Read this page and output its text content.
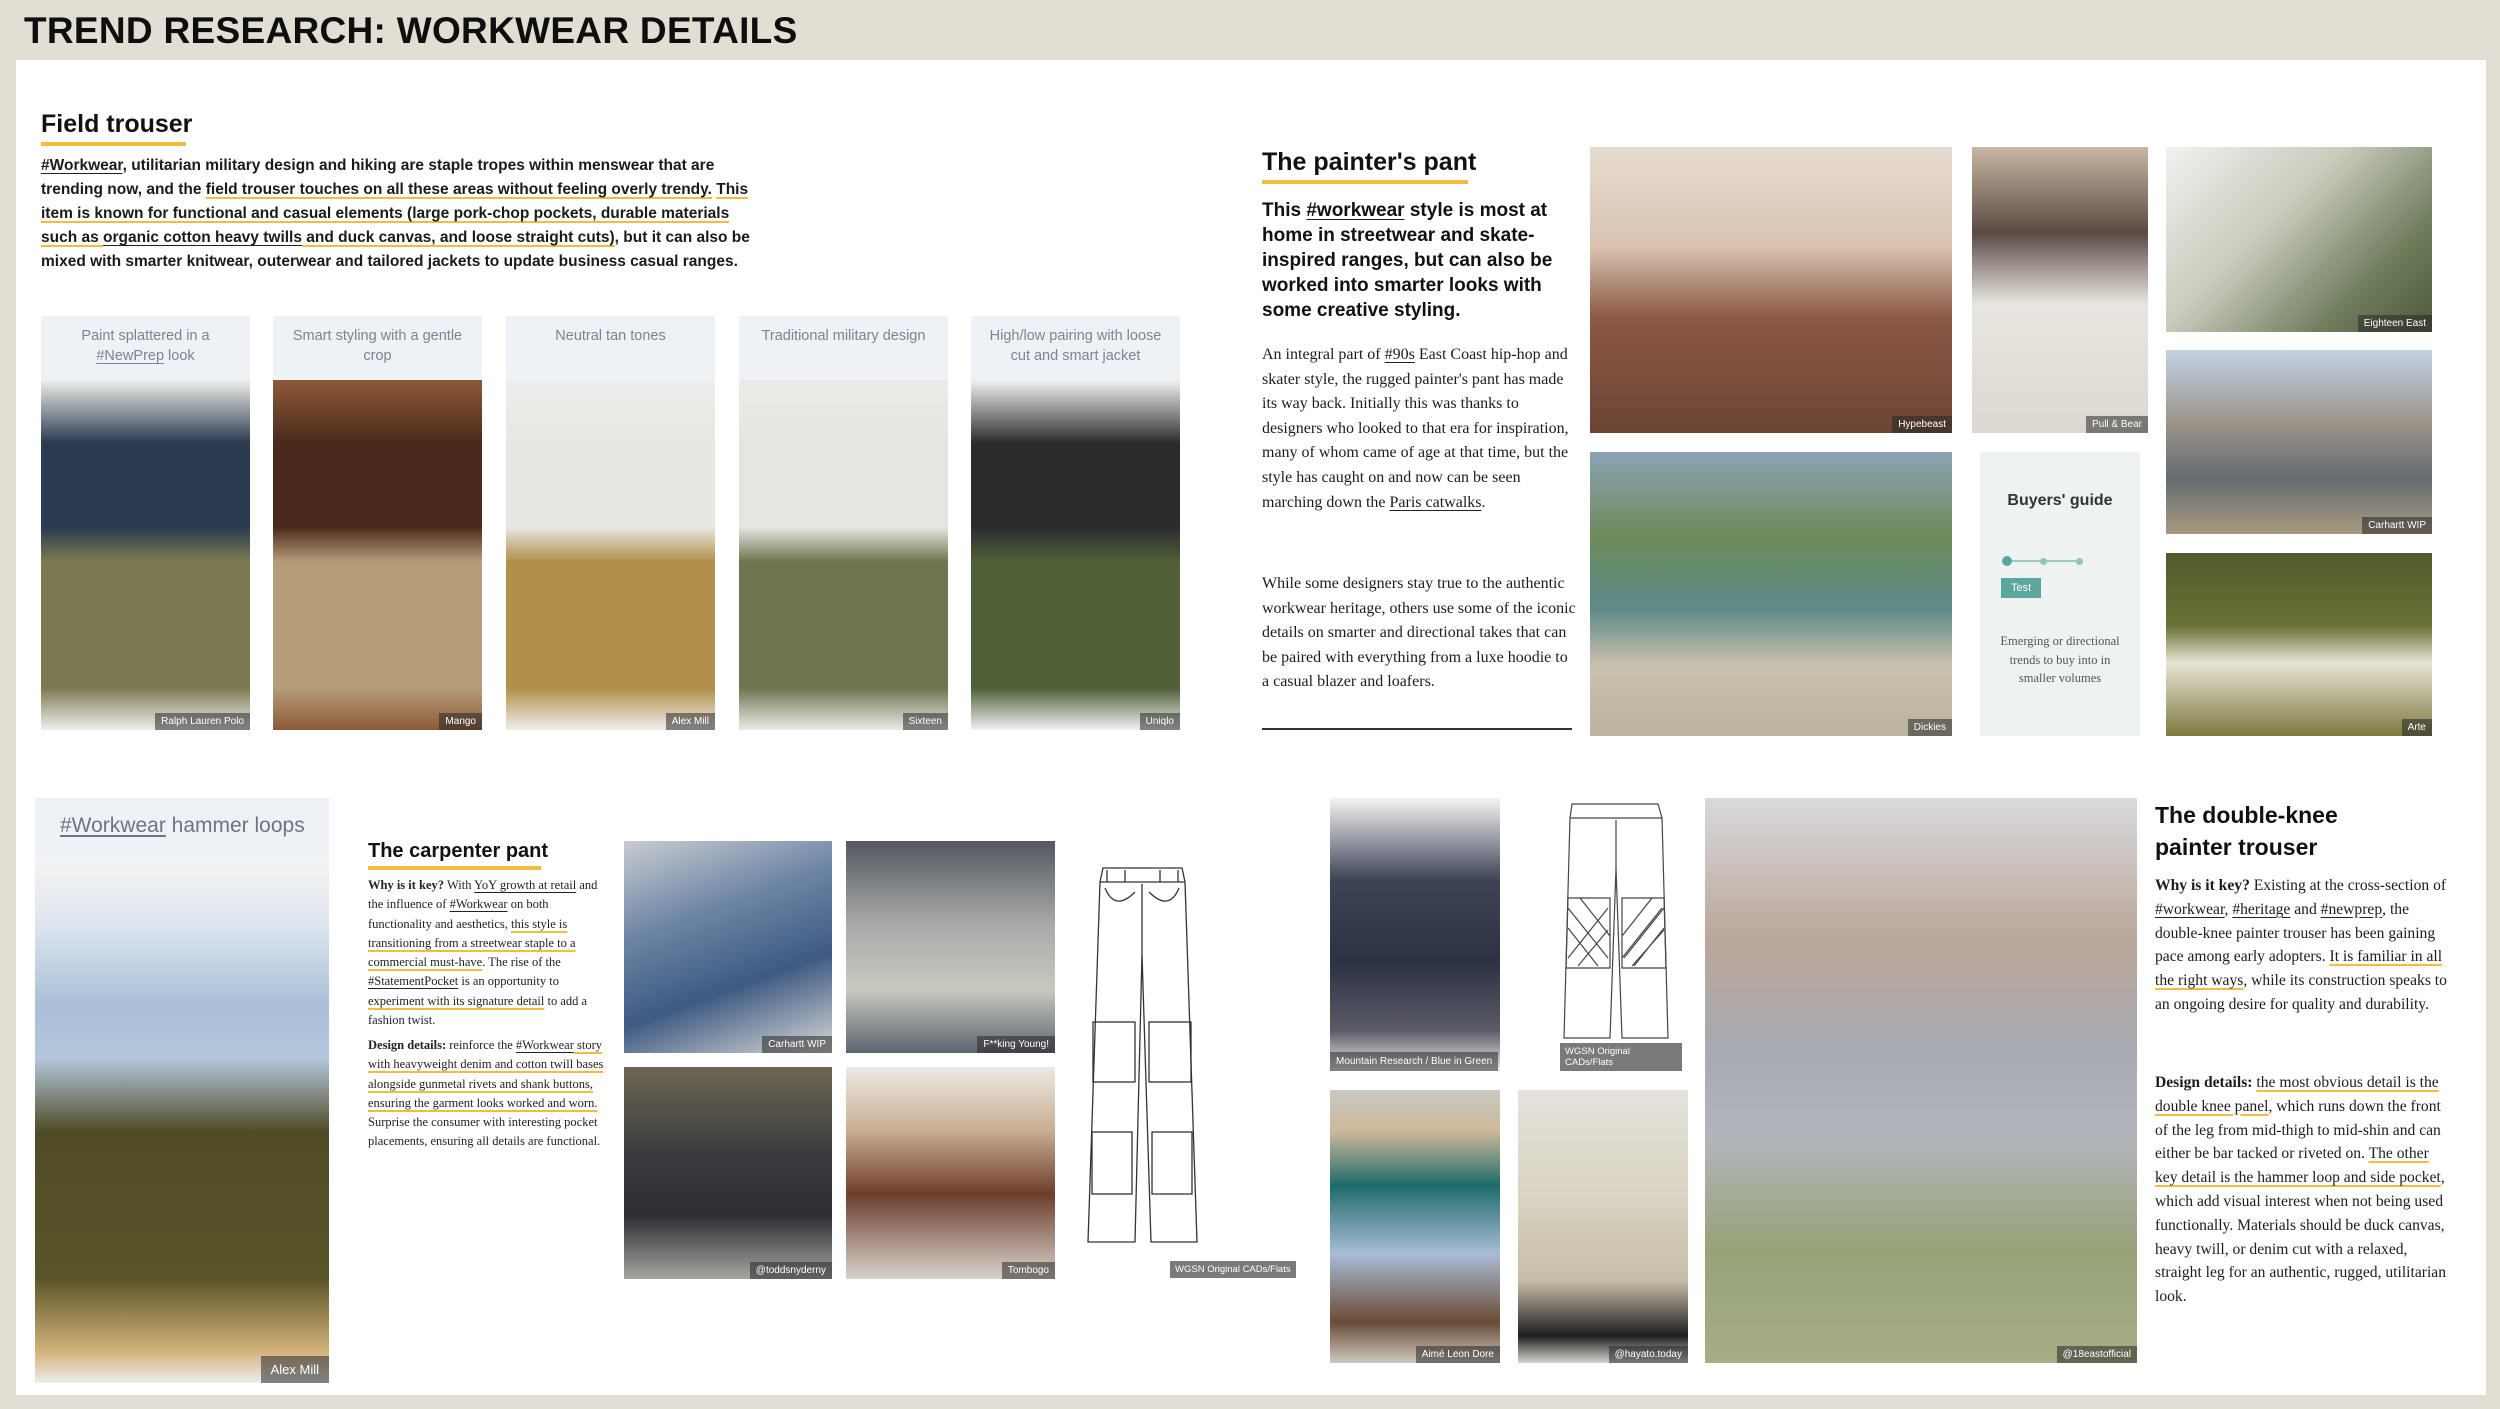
TREND RESEARCH: WORKWEAR DETAILS
Field trouser
#Workwear, utilitarian military design and hiking are staple tropes within menswear that are trending now, and the field trouser touches on all these areas without feeling overly trendy. This item is known for functional and casual elements (large pork-chop pockets, durable materials such as organic cotton heavy twills and duck canvas, and loose straight cuts), but it can also be mixed with smarter knitwear, outerwear and tailored jackets to update business casual ranges.
Paint splattered in a
#NewPrep look
Ralph Lauren Polo
Smart styling with a gentle crop
Mango
Neutral tan tones
Alex Mill
Traditional military design
Sixteen
High/low pairing with loose cut and smart jacket
Uniqlo
The painter's pant
This #workwear style is most at home in streetwear and skate-inspired ranges, but can also be worked into smarter looks with some creative styling.
An integral part of #90s East Coast hip-hop and skater style, the rugged painter's pant has made its way back. Initially this was thanks to designers who looked to that era for inspiration, many of whom came of age at that time, but the style has caught on and now can be seen marching down the Paris catwalks.
While some designers stay true to the authentic workwear heritage, others use some of the iconic details on smarter and directional takes that can be paired with everything from a luxe hoodie to a casual blazer and loafers.
Hypebeast	Pull & Bear
Eighteen East
Dickies
Carhartt WIP
Arte
Buyers' guide
Test
Emerging or directional trends to buy into in smaller volumes
#Workwear hammer loops
Alex Mill
The carpenter pant
Why is it key? With YoY growth at retail and the influence of #Workwear on both functionality and aesthetics, this style is transitioning from a streetwear staple to a commercial must-have. The rise of the #StatementPocket is an opportunity to experiment with its signature detail to add a fashion twist.
Design details: reinforce the #Workwear story with heavyweight denim and cotton twill bases alongside gunmetal rivets and shank buttons, ensuring the garment looks worked and worn. Surprise the consumer with interesting pocket placements, ensuring all details are functional.
Carhartt WIP	F**king Young!
@toddsnyderny	Tombogo	WGSN Original CADs/Flats
Mountain Research / Blue in Green
WGSN Original CADs/Flats
Aimé Leon Dore	@hayato.today	@18eastofficial
The double-knee painter trouser
Why is it key? Existing at the cross-section of #workwear, #heritage and #newprep, the double-knee painter trouser has been gaining pace among early adopters. It is familiar in all the right ways, while its construction speaks to an ongoing desire for quality and durability.
Design details: the most obvious detail is the double knee panel, which runs down the front of the leg from mid-thigh to mid-shin and can either be bar tacked or riveted on. The other key detail is the hammer loop and side pocket, which add visual interest when not being used functionally. Materials should be duck canvas, heavy twill, or denim cut with a relaxed, straight leg for an authentic, rugged, utilitarian look.
